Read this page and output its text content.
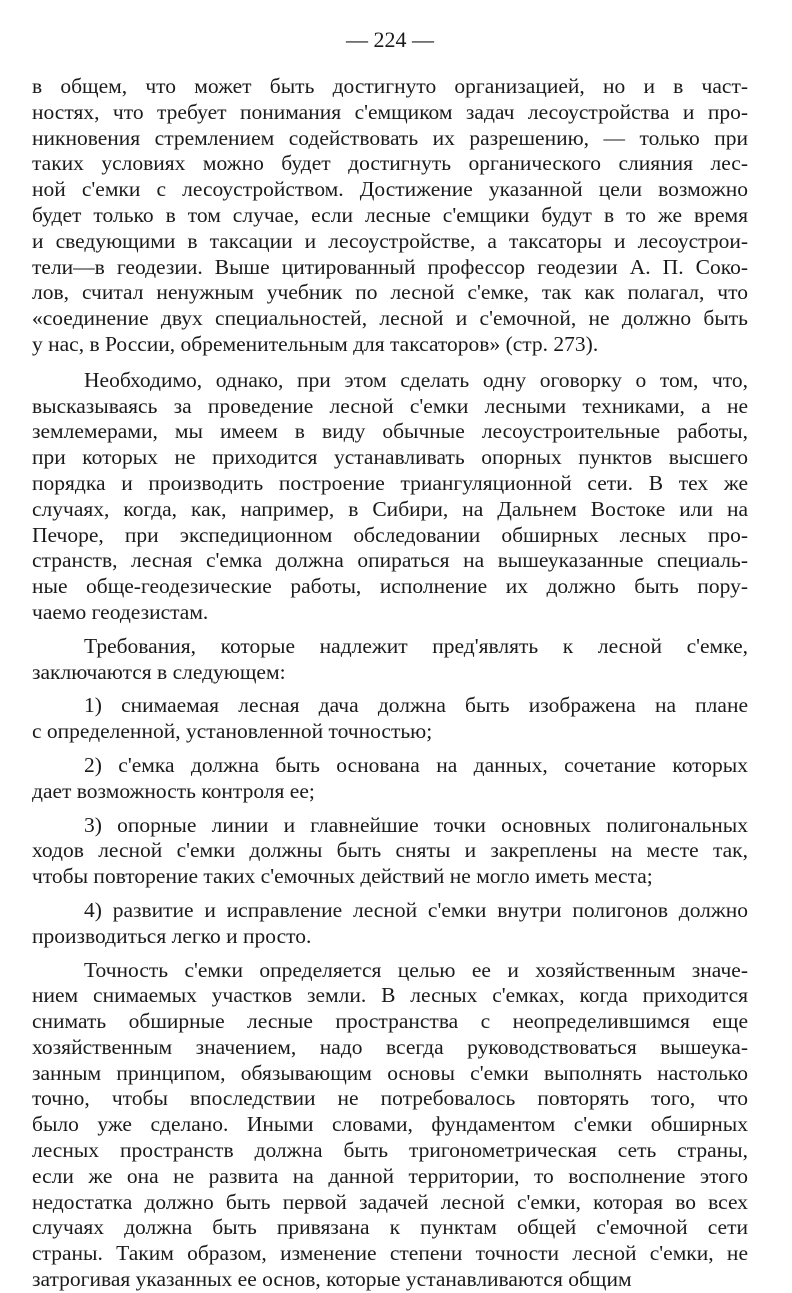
— 224 —
в общем, что может быть достигнуто организацией, но и в част-
ностях, что требует понимания с'емщиком задач лесоустройства и про-
никновения стремлением содействовать их разрешению, — только при
таких условиях можно будет достигнуть органического слияния лес-
ной с'емки с лесоустройством. Достижение указанной цели возможно
будет только в том случае, если лесные с'емщики будут в то же время
и сведующими в таксации и лесоустройстве, а таксаторы и лесоустрои-
тели—в геодезии. Выше цитированный профессор геодезии А. П. Соко-
лов, считал ненужным учебник по лесной с'емке, так как полагал, что
«соединение двух специальностей, лесной и с'емочной, не должно быть
у нас, в России, обременительным для таксаторов» (стр. 273).
Необходимо, однако, при этом сделать одну оговорку о том, что,
высказываясь за проведение лесной с'емки лесными техниками, а не
землемерами, мы имеем в виду обычные лесоустроительные работы,
при которых не приходится устанавливать опорных пунктов высшего
порядка и производить построение триангуляционной сети. В тех же
случаях, когда, как, например, в Сибири, на Дальнем Востоке или на
Печоре, при экспедиционном обследовании обширных лесных про-
странств, лесная с'емка должна опираться на вышеуказанные специаль-
ные обще-геодезические работы, исполнение их должно быть пору-
чаемо геодезистам.
Требования, которые надлежит пред'являть к лесной с'емке,
заключаются в следующем:
1) снимаемая лесная дача должна быть изображена на плане
с определенной, установленной точностью;
2) с'емка должна быть основана на данных, сочетание которых
дает возможность контроля ее;
3) опорные линии и главнейшие точки основных полигональных
ходов лесной с'емки должны быть сняты и закреплены на месте так,
чтобы повторение таких с'емочных действий не могло иметь места;
4) развитие и исправление лесной с'емки внутри полигонов должно
производиться легко и просто.
Точность с'емки определяется целью ее и хозяйственным значе-
нием снимаемых участков земли. В лесных с'емках, когда приходится
снимать обширные лесные пространства с неопределившимся еще
хозяйственным значением, надо всегда руководствоваться вышеука-
занным принципом, обязывающим основы с'емки выполнять настолько
точно, чтобы впоследствии не потребовалось повторять того, что
было уже сделано. Иными словами, фундаментом с'емки обширных
лесных пространств должна быть тригонометрическая сеть страны,
если же она не развита на данной территории, то восполнение этого
недостатка должно быть первой задачей лесной с'емки, которая во всех
случаях должна быть привязана к пунктам общей с'емочной сети
страны. Таким образом, изменение степени точности лесной с'емки, не
затрогивая указанных ее основ, которые устанавливаются общим
